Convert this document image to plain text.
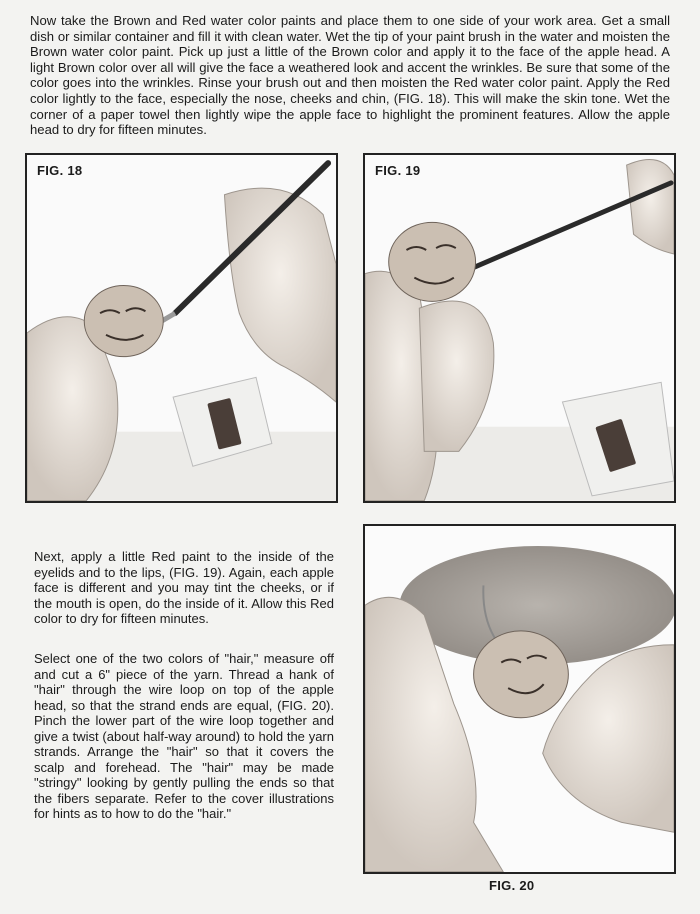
Now take the Brown and Red water color paints and place them to one side of your work area. Get a small dish or similar container and fill it with clean water. Wet the tip of your paint brush in the water and moisten the Brown water color paint. Pick up just a little of the Brown color and apply it to the face of the apple head. A light Brown color over all will give the face a weathered look and accent the wrinkles. Be sure that some of the color goes into the wrinkles. Rinse your brush out and then moisten the Red water color paint. Apply the Red color lightly to the face, especially the nose, cheeks and chin, (FIG. 18). This will make the skin tone. Wet the corner of a paper towel then lightly wipe the apple face to highlight the prominent features. Allow the apple head to dry for fifteen minutes.

FIG. 18	FIG. 19

Next, apply a little Red paint to the inside of the eyelids and to the lips, (FIG. 19). Again, each apple face is different and you may tint the cheeks, or if the mouth is open, do the inside of it. Allow this Red color to dry for fifteen minutes.

Select one of the two colors of "hair," measure off and cut a 6" piece of the yarn. Thread a hank of "hair" through the wire loop on top of the apple head, so that the strand ends are equal, (FIG. 20). Pinch the lower part of the wire loop together and give a twist (about half-way around) to hold the yarn strands. Arrange the "hair" so that it covers the scalp and forehead. The "hair" may be made "stringy" looking by gently pulling the ends so that the fibers separate. Refer to the cover illustrations for hints as to how to do the "hair."

FIG. 20
